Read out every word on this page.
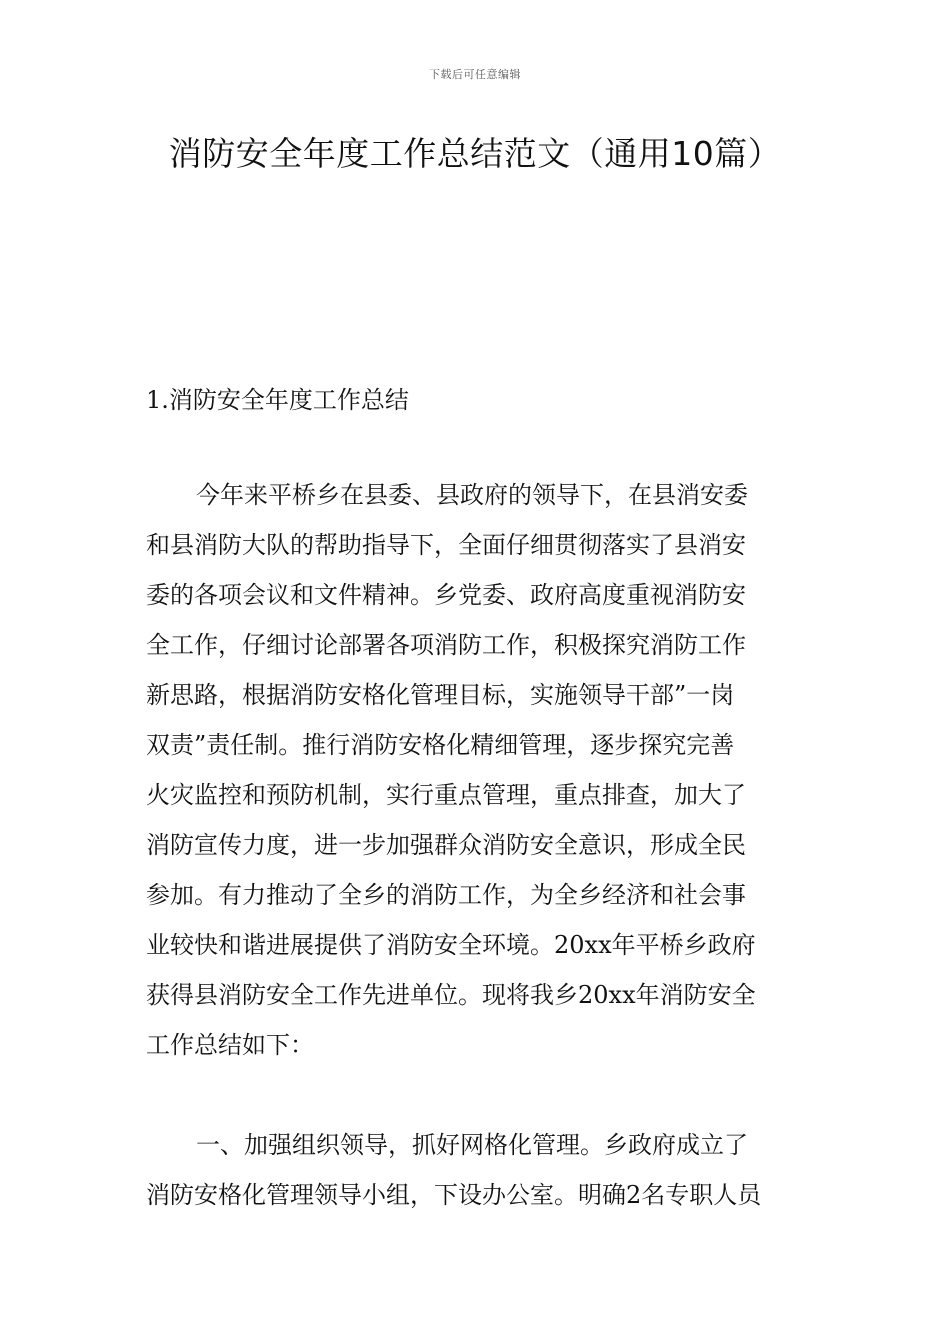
下载后可任意编辑
消防安全年度工作总结范文（通用10篇）
1.消防安全年度工作总结
今年来平桥乡在县委、县政府的领导下，在县消安委
和县消防大队的帮助指导下，全面仔细贯彻落实了县消安
委的各项会议和文件精神。乡党委、政府高度重视消防安
全工作，仔细讨论部署各项消防工作，积极探究消防工作
新思路，根据消防安格化管理目标，实施领导干部”一岗
双责”责任制。推行消防安格化精细管理，逐步探究完善
火灾监控和预防机制，实行重点管理，重点排查，加大了
消防宣传力度，进一步加强群众消防安全意识，形成全民
参加。有力推动了全乡的消防工作，为全乡经济和社会事
业较快和谐进展提供了消防安全环境。20xx年平桥乡政府
获得县消防安全工作先进单位。现将我乡20xx年消防安全
工作总结如下：
一、加强组织领导，抓好网格化管理。乡政府成立了
消防安格化管理领导小组，下设办公室。明确2名专职人员
